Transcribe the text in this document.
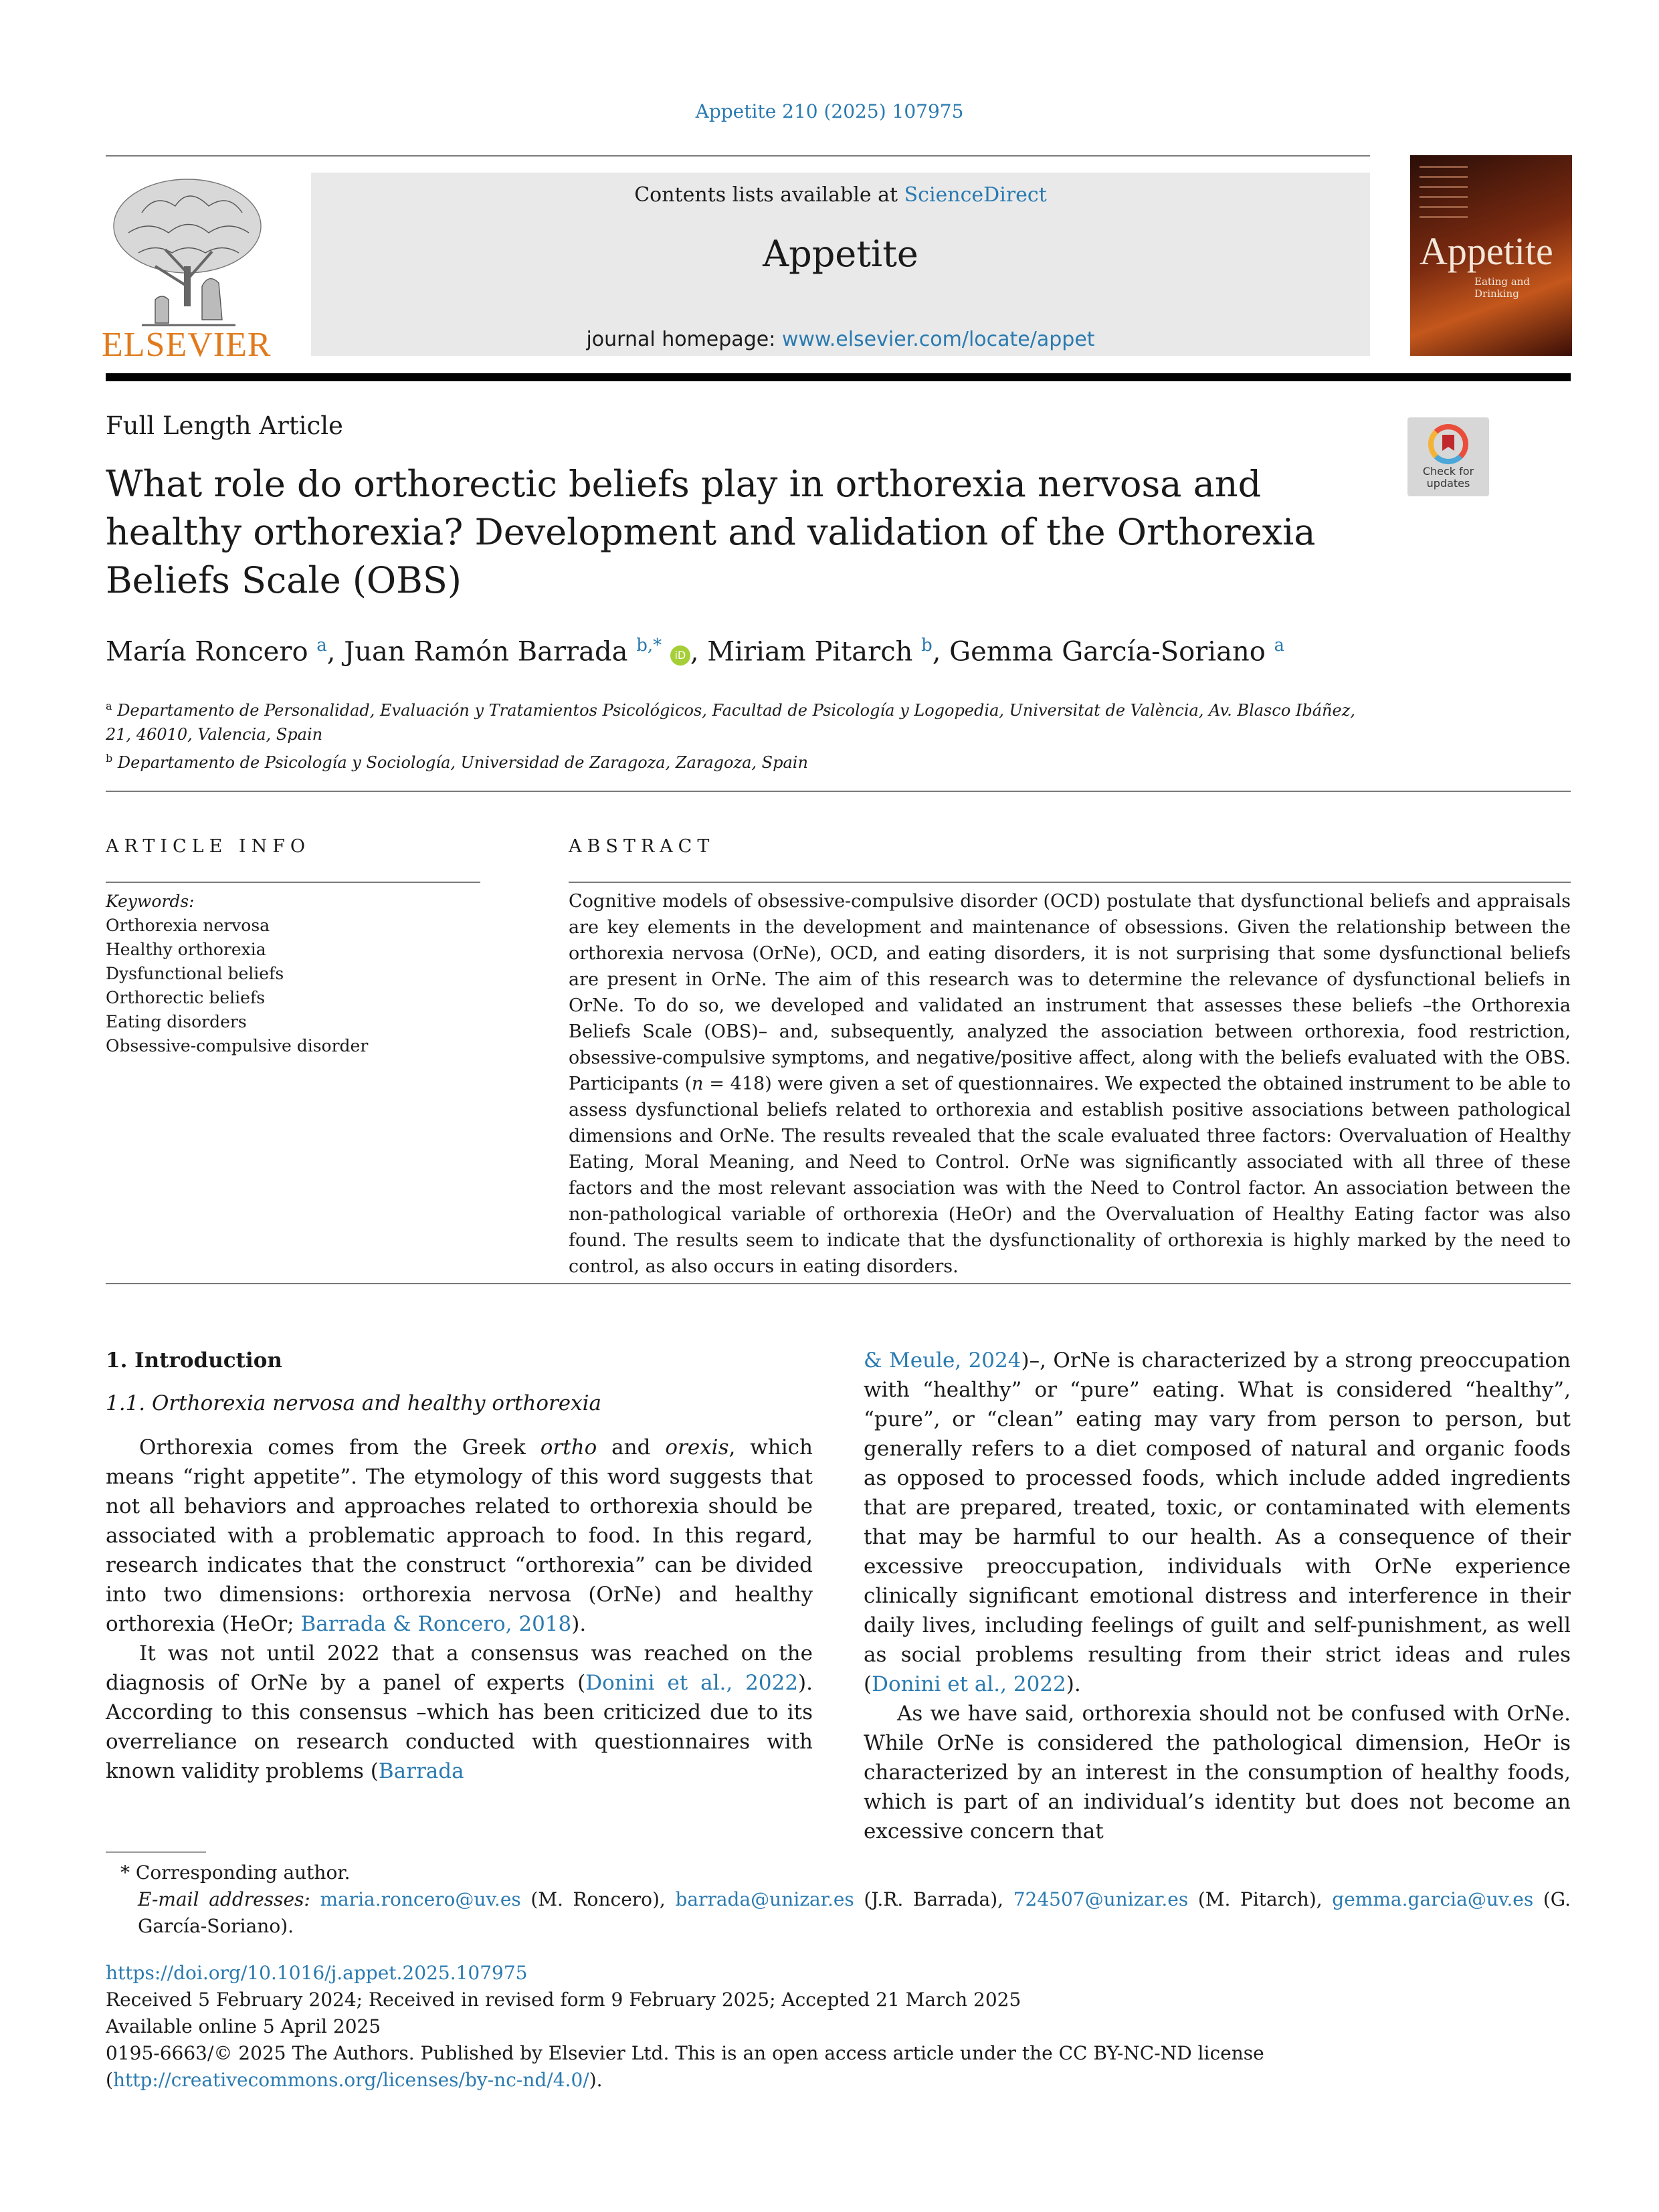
Appetite 210 (2025) 107975
ELSEVIER
Contents lists available at ScienceDirect
Appetite
journal homepage: www.elsevier.com/locate/appet
Appetite
Eating and Drinking
Full Length Article
Check for updates
What role do orthorectic beliefs play in orthorexia nervosa and healthy orthorexia? Development and validation of the Orthorexia Beliefs Scale (OBS)
María Roncero $^a$, Juan Ramón Barrada $^{b,*}$ iD , Miriam Pitarch $^b$, Gemma García-Soriano $^a$
$^a$ Departamento de Personalidad, Evaluación y Tratamientos Psicológicos, Facultad de Psicología y Logopedia, Universitat de València, Av. Blasco Ibáñez, 21, 46010, Valencia, Spain
$^b$ Departamento de Psicología y Sociología, Universidad de Zaragoza, Zaragoza, Spain
ARTICLE INFO	ABSTRACT
Keywords:
Orthorexia nervosa
Healthy orthorexia
Dysfunctional beliefs
Orthorectic beliefs
Eating disorders
Obsessive-compulsive disorder
Cognitive models of obsessive-compulsive disorder (OCD) postulate that dysfunctional beliefs and appraisals are key elements in the development and maintenance of obsessions. Given the relationship between the orthorexia nervosa (OrNe), OCD, and eating disorders, it is not surprising that some dysfunctional beliefs are present in OrNe. The aim of this research was to determine the relevance of dysfunctional beliefs in OrNe. To do so, we developed and validated an instrument that assesses these beliefs –the Orthorexia Beliefs Scale (OBS)– and, subsequently, analyzed the association between orthorexia, food restriction, obsessive-compulsive symptoms, and negative/positive affect, along with the beliefs evaluated with the OBS. Participants (n = 418) were given a set of questionnaires. We expected the obtained instrument to be able to assess dysfunctional beliefs related to orthorexia and establish positive associations between pathological dimensions and OrNe. The results revealed that the scale evaluated three factors: Overvaluation of Healthy Eating, Moral Meaning, and Need to Control. OrNe was significantly associated with all three of these factors and the most relevant association was with the Need to Control factor. An association between the non-pathological variable of orthorexia (HeOr) and the Overvaluation of Healthy Eating factor was also found. The results seem to indicate that the dysfunctionality of orthorexia is highly marked by the need to control, as also occurs in eating disorders.
1. Introduction
1.1. Orthorexia nervosa and healthy orthorexia

Orthorexia comes from the Greek ortho and orexis, which means “right appetite”. The etymology of this word suggests that not all behaviors and approaches related to orthorexia should be associated with a problematic approach to food. In this regard, research indicates that the construct “orthorexia” can be divided into two dimensions: orthorexia nervosa (OrNe) and healthy orthorexia (HeOr; Barrada & Roncero, 2018).

It was not until 2022 that a consensus was reached on the diagnosis of OrNe by a panel of experts (Donini et al., 2022). According to this consensus –which has been criticized due to its overreliance on research conducted with questionnaires with known validity problems (Barrada

& Meule, 2024)–, OrNe is characterized by a strong preoccupation with “healthy” or “pure” eating. What is considered “healthy”, “pure”, or “clean” eating may vary from person to person, but generally refers to a diet composed of natural and organic foods as opposed to processed foods, which include added ingredients that are prepared, treated, toxic, or contaminated with elements that may be harmful to our health. As a consequence of their excessive preoccupation, individuals with OrNe experience clinically significant emotional distress and interference in their daily lives, including feelings of guilt and self-punishment, as well as social problems resulting from their strict ideas and rules (Donini et al., 2022).

As we have said, orthorexia should not be confused with OrNe. While OrNe is considered the pathological dimension, HeOr is characterized by an interest in the consumption of healthy foods, which is part of an individual’s identity but does not become an excessive concern that

* Corresponding author.
E-mail addresses: maria.roncero@uv.es (M. Roncero), barrada@unizar.es (J.R. Barrada), 724507@unizar.es (M. Pitarch), gemma.garcia@uv.es (G. García-Soriano).
https://doi.org/10.1016/j.appet.2025.107975
Received 5 February 2024; Received in revised form 9 February 2025; Accepted 21 March 2025
Available online 5 April 2025
0195-6663/© 2025 The Authors. Published by Elsevier Ltd. This is an open access article under the CC BY-NC-ND license (http://creativecommons.org/licenses/by-nc-nd/4.0/).
